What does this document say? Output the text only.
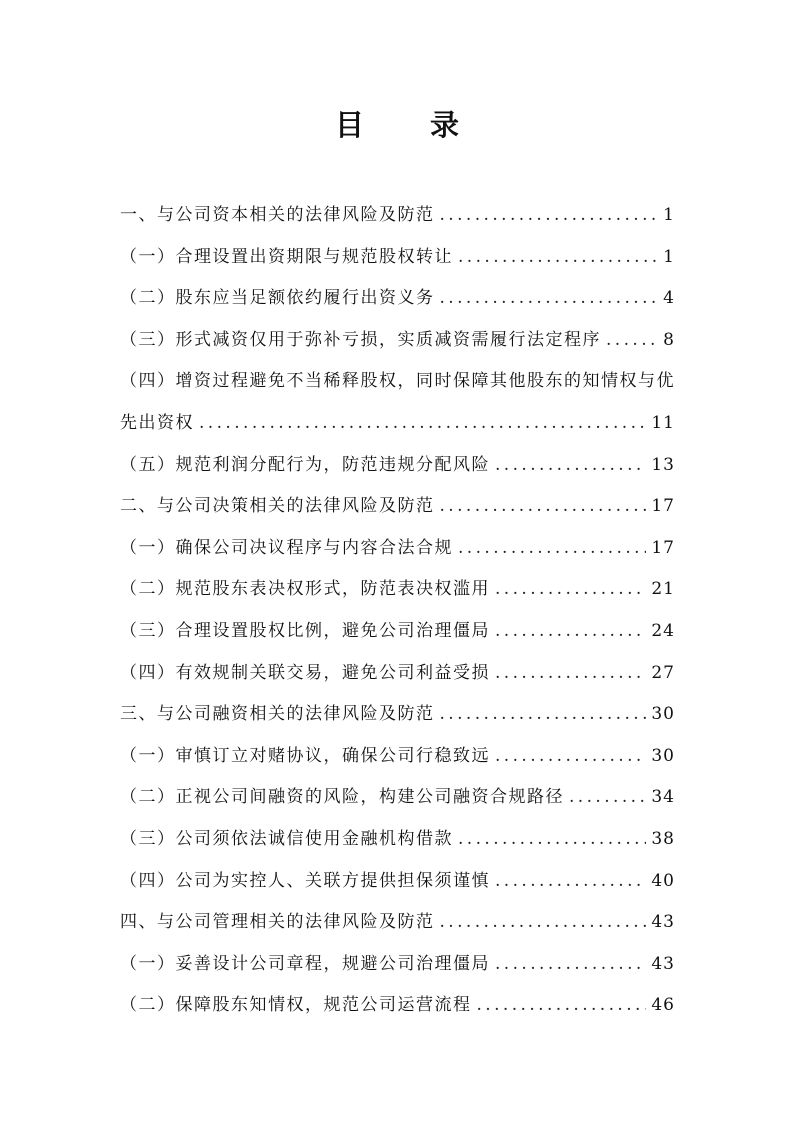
目 录
一、与公司资本相关的法律风险及防范 . . .	1
（一）合理设置出资期限与规范股权转让 . . .	1
（二）股东应当足额依约履行出资义务 . . .	4
（三）形式减资仅用于弥补亏损，实质减资需履行法定程序 . . .	8
（四）增资过程避免不当稀释股权，同时保障其他股东的知情权与优
先出资权 . . .	11
（五）规范利润分配行为，防范违规分配风险 . . .	13
二、与公司决策相关的法律风险及防范 . . .	17
（一）确保公司决议程序与内容合法合规 . . .	17
（二）规范股东表决权形式，防范表决权滥用 . . .	21
（三）合理设置股权比例，避免公司治理僵局 . . .	24
（四）有效规制关联交易，避免公司利益受损 . . .	27
三、与公司融资相关的法律风险及防范 . . .	30
（一）审慎订立对赌协议，确保公司行稳致远 . . .	30
（二）正视公司间融资的风险，构建公司融资合规路径 . . .	34
（三）公司须依法诚信使用金融机构借款 . . .	38
（四）公司为实控人、关联方提供担保须谨慎 . . .	40
四、与公司管理相关的法律风险及防范 . . .	43
（一）妥善设计公司章程，规避公司治理僵局 . . .	43
（二）保障股东知情权，规范公司运营流程 . . .	46
